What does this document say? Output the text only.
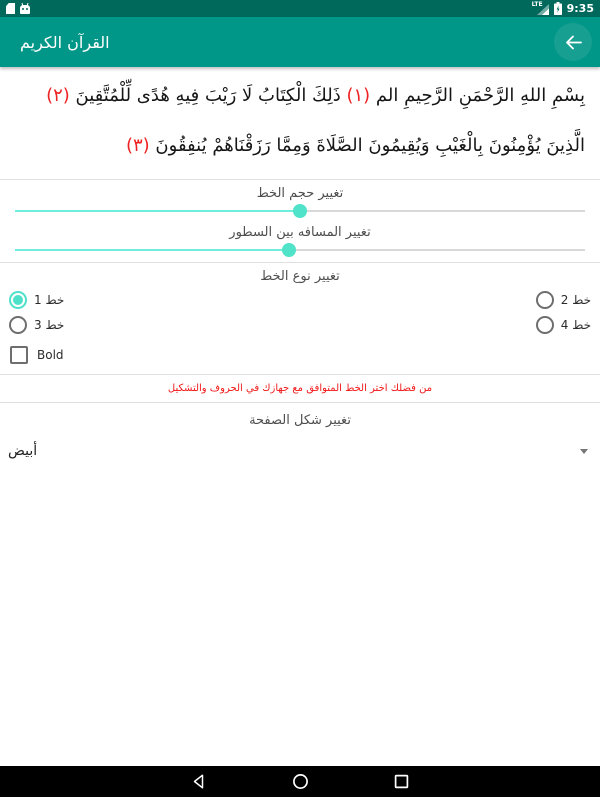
LTE 9:35
القرآن الكريم
بِسْمِ اللهِ الرَّحْمَنِ الرَّحِيمِ الم (١) ذَلِكَ الْكِتَابُ لَا رَيْبَ فِيهِ هُدًى لِّلْمُتَّقِينَ (٢) الَّذِينَ يُؤْمِنُونَ بِالْغَيْبِ وَيُقِيمُونَ الصَّلَاةَ وَمِمَّا رَزَقْنَاهُمْ يُنفِقُونَ (٣)
تغيير حجم الخط
تغيير المسافه بين السطور
تغيير نوع الخط
خط 1	خط 2
خط 3	خط 4
Bold
من فضلك اختر الخط المتوافق مع جهازك في الحروف والتشكيل
تغيير شكل الصفحة
أبيض
